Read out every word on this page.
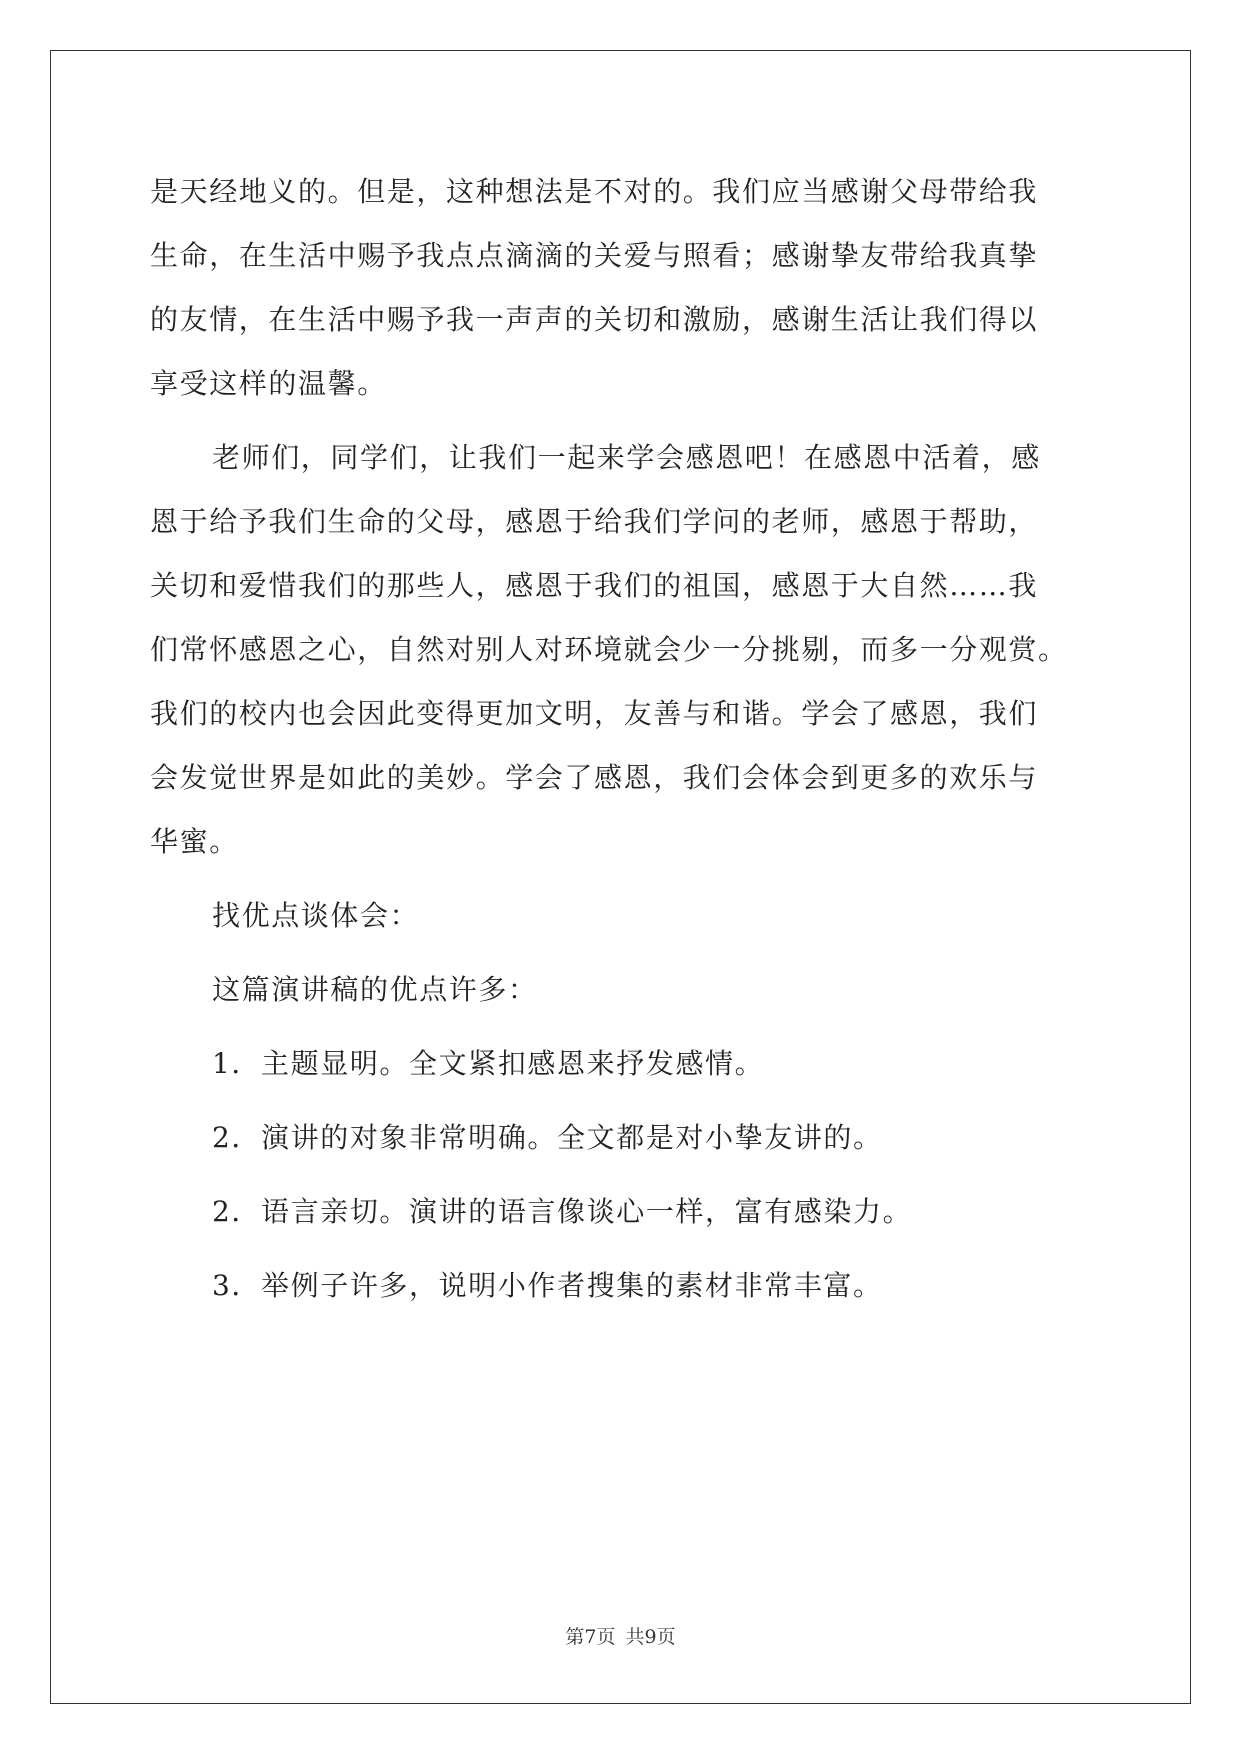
是天经地义的。但是，这种想法是不对的。我们应当感谢父母带给我

生命，在生活中赐予我点点滴滴的关爱与照看；感谢挚友带给我真挚

的友情，在生活中赐予我一声声的关切和激励，感谢生活让我们得以

享受这样的温馨。

老师们，同学们，让我们一起来学会感恩吧！在感恩中活着，感

恩于给予我们生命的父母，感恩于给我们学问的老师，感恩于帮助，

关切和爱惜我们的那些人，感恩于我们的祖国，感恩于大自然……我

们常怀感恩之心，自然对别人对环境就会少一分挑剔，而多一分观赏。

我们的校内也会因此变得更加文明，友善与和谐。学会了感恩，我们

会发觉世界是如此的美妙。学会了感恩，我们会体会到更多的欢乐与

华蜜。

找优点谈体会：

这篇演讲稿的优点许多：

1．主题显明。全文紧扣感恩来抒发感情。

2．演讲的对象非常明确。全文都是对小挚友讲的。

2．语言亲切。演讲的语言像谈心一样，富有感染力。

3．举例子许多，说明小作者搜集的素材非常丰富。

第7页 共9页
